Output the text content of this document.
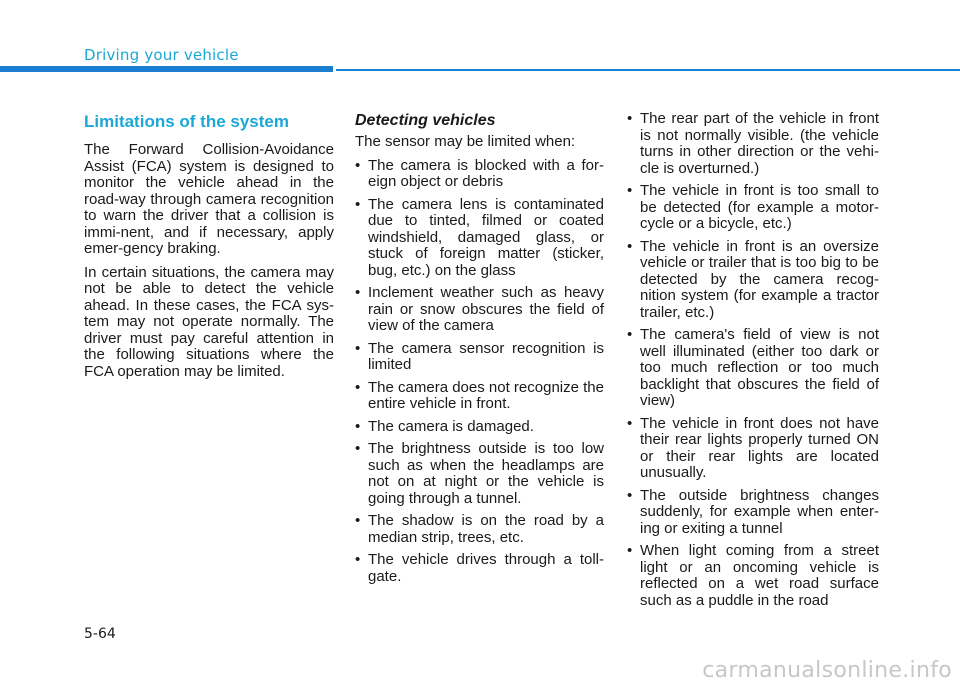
Driving your vehicle
Limitations of the system

The Forward Collision-Avoidance Assist (FCA) system is designed to monitor the vehicle ahead in the road-way through camera recognition to warn the driver that a collision is immi-nent, and if necessary, apply emer-gency braking.

In certain situations, the camera may not be able to detect the vehicle ahead. In these cases, the FCA sys-tem may not operate normally. The driver must pay careful attention in the following situations where the FCA operation may be limited.

Detecting vehicles

The sensor may be limited when:

• The camera is blocked with a for-eign object or debris
• The camera lens is contaminated due to tinted, filmed or coated windshield, damaged glass, or stuck of foreign matter (sticker, bug, etc.) on the glass
• Inclement weather such as heavy rain or snow obscures the field of view of the camera
• The camera sensor recognition is limited
• The camera does not recognize the entire vehicle in front.
• The camera is damaged.
• The brightness outside is too low such as when the headlamps are not on at night or the vehicle is going through a tunnel.
• The shadow is on the road by a median strip, trees, etc.
• The vehicle drives through a toll-gate.
• The rear part of the vehicle in front is not normally visible. (the vehicle turns in other direction or the vehi-cle is overturned.)
• The vehicle in front is too small to be detected (for example a motor-cycle or a bicycle, etc.)
• The vehicle in front is an oversize vehicle or trailer that is too big to be detected by the camera recog-nition system (for example a tractor trailer, etc.)
• The camera's field of view is not well illuminated (either too dark or too much reflection or too much backlight that obscures the field of view)
• The vehicle in front does not have their rear lights properly turned ON or their rear lights are located unusually.
• The outside brightness changes suddenly, for example when enter-ing or exiting a tunnel
• When light coming from a street light or an oncoming vehicle is reflected on a wet road surface such as a puddle in the road
5-64
carmanualsonline.info
